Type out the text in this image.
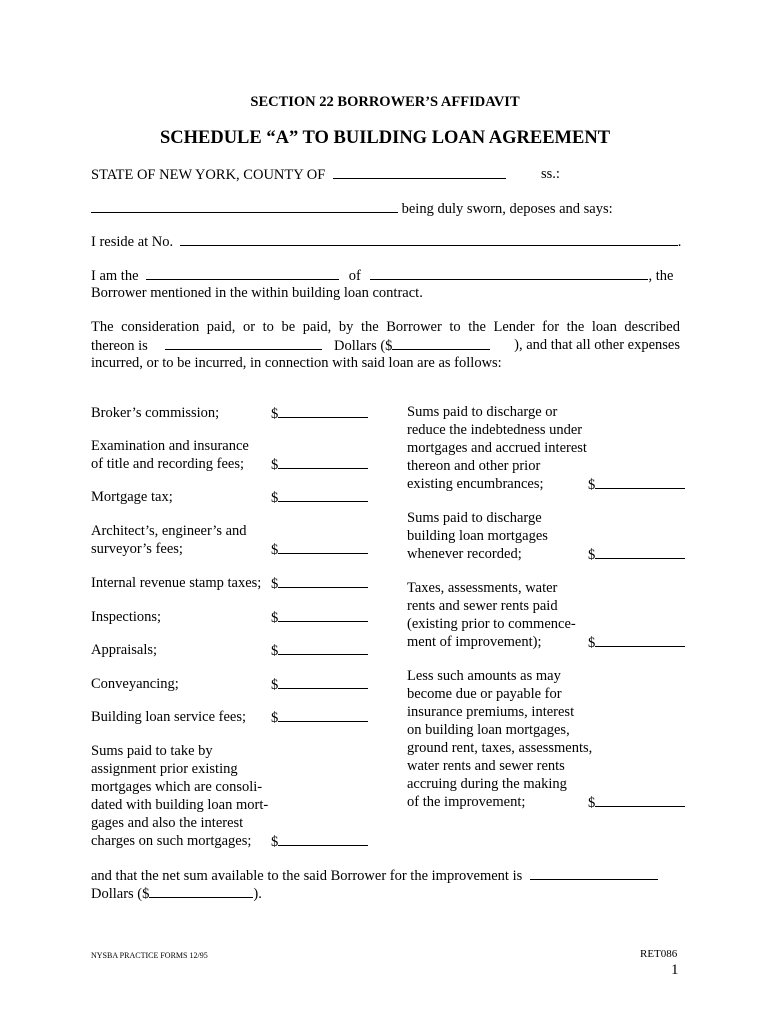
SECTION 22 BORROWER’S AFFIDAVIT
SCHEDULE “A” TO BUILDING LOAN AGREEMENT
STATE OF NEW YORK, COUNTY OF	ss.:
being duly sworn, deposes and says:
I reside at No.	.
I am the	of	, the
Borrower mentioned in the within building loan contract.
The consideration paid, or to be paid, by the Borrower to the Lender for the loan described
thereon is	Dollars ($	), and that all other expenses
incurred, or to be incurred, in connection with said loan are as follows:
Broker’s commission;	$
Examination and insurance
of title and recording fees;	$
Mortgage tax;	$
Architect’s, engineer’s and
surveyor’s fees;	$
Internal revenue stamp taxes; $
Inspections;	$
Appraisals;	$
Conveyancing;	$
Building loan service fees; $
Sums paid to take by
assignment prior existing
mortgages which are consoli-
dated with building loan mort-
gages and also the interest
charges on such mortgages;	$
Sums paid to discharge or
reduce the indebtedness under
mortgages and accrued interest
thereon and other prior
existing encumbrances;	$
Sums paid to discharge
building loan mortgages
whenever recorded;	$
Taxes, assessments, water
rents and sewer rents paid
(existing prior to commence-
ment of improvement);	$
Less such amounts as may
become due or payable for
insurance premiums, interest
on building loan mortgages,
ground rent, taxes, assessments,
water rents and sewer rents
accruing during the making
of the improvement;	$
and that the net sum available to the said Borrower for the improvement is
Dollars ($	).
NYSBA PRACTICE FORMS 12/95	RET086
1
